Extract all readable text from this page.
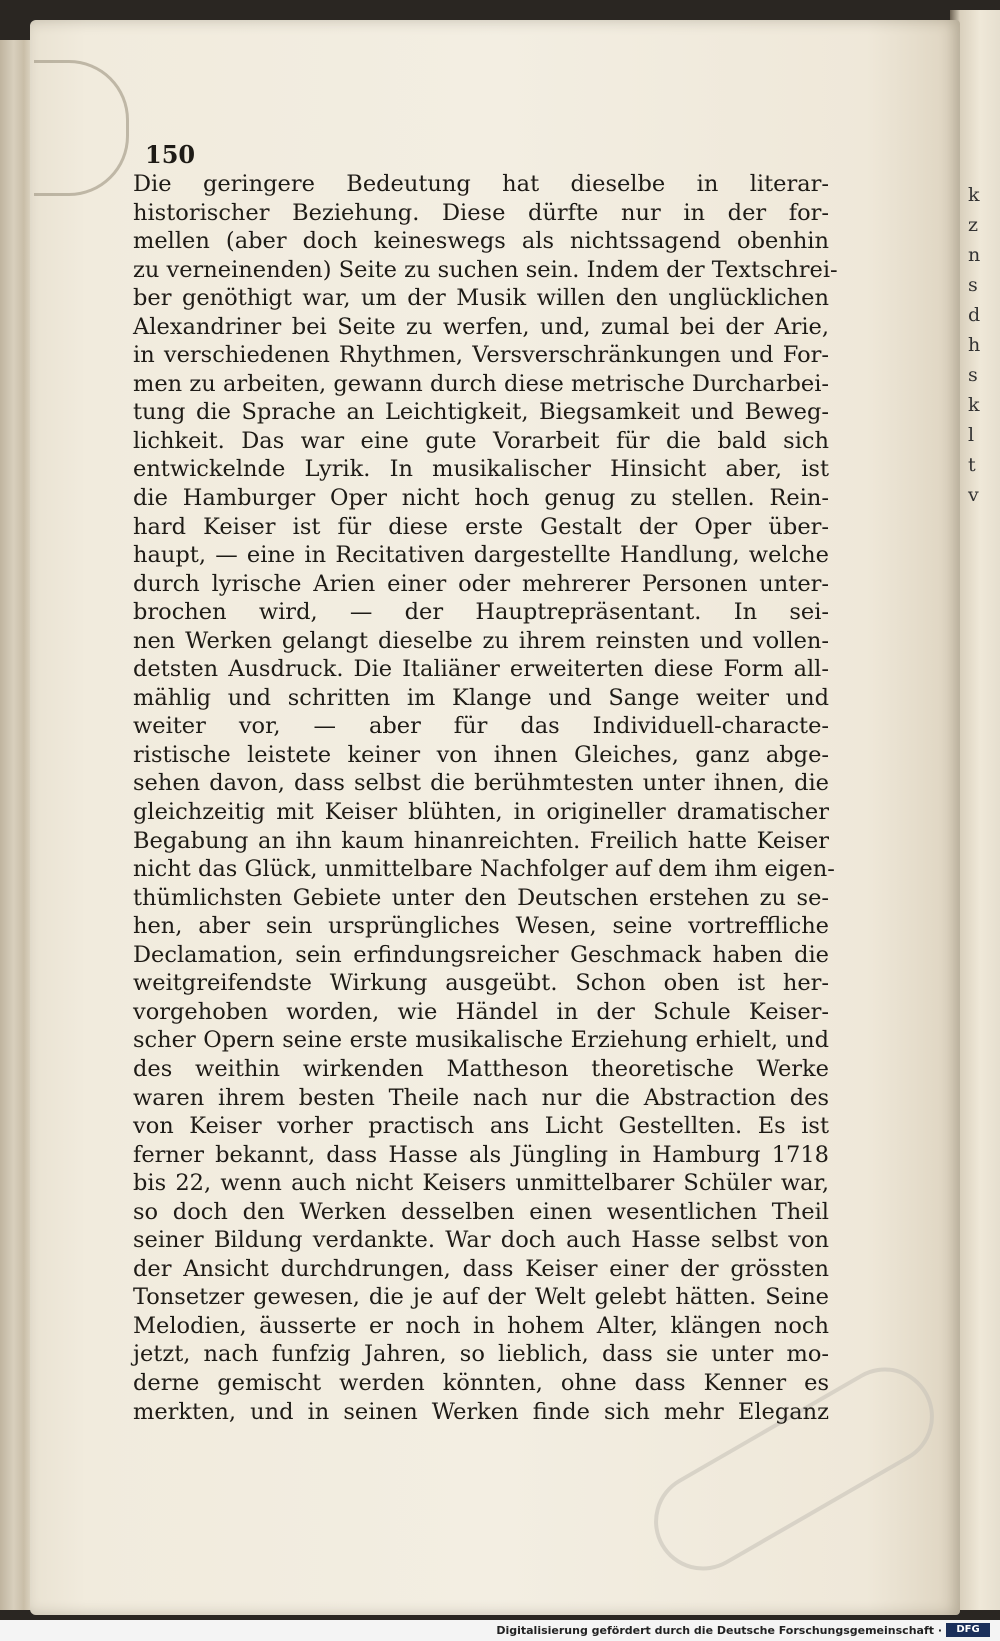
k
z
n
s
d
h
s
k
l
t
v
150
Die geringere Bedeutung hat dieselbe in literar-
historischer Beziehung. Diese dürfte nur in der for-
mellen (aber doch keineswegs als nichtssagend obenhin
zu verneinenden) Seite zu suchen sein. Indem der Textschrei-
ber genöthigt war, um der Musik willen den unglücklichen
Alexandriner bei Seite zu werfen, und, zumal bei der Arie,
in verschiedenen Rhythmen, Versverschränkungen und For-
men zu arbeiten, gewann durch diese metrische Durcharbei-
tung die Sprache an Leichtigkeit, Biegsamkeit und Beweg-
lichkeit. Das war eine gute Vorarbeit für die bald sich
entwickelnde Lyrik. In musikalischer Hinsicht aber, ist
die Hamburger Oper nicht hoch genug zu stellen. Rein-
hard Keiser ist für diese erste Gestalt der Oper über-
haupt, — eine in Recitativen dargestellte Handlung, welche
durch lyrische Arien einer oder mehrerer Personen unter-
brochen wird, — der Hauptrepräsentant. In sei-
nen Werken gelangt dieselbe zu ihrem reinsten und vollen-
detsten Ausdruck. Die Italiäner erweiterten diese Form all-
mählig und schritten im Klange und Sange weiter und
weiter vor, — aber für das Individuell-characte-
ristische leistete keiner von ihnen Gleiches, ganz abge-
sehen davon, dass selbst die berühmtesten unter ihnen, die
gleichzeitig mit Keiser blühten, in origineller dramatischer
Begabung an ihn kaum hinanreichten. Freilich hatte Keiser
nicht das Glück, unmittelbare Nachfolger auf dem ihm eigen-
thümlichsten Gebiete unter den Deutschen erstehen zu se-
hen, aber sein ursprüngliches Wesen, seine vortreffliche
Declamation, sein erfindungsreicher Geschmack haben die
weitgreifendste Wirkung ausgeübt. Schon oben ist her-
vorgehoben worden, wie Händel in der Schule Keiser-
scher Opern seine erste musikalische Erziehung erhielt, und
des weithin wirkenden Mattheson theoretische Werke
waren ihrem besten Theile nach nur die Abstraction des
von Keiser vorher practisch ans Licht Gestellten. Es ist
ferner bekannt, dass Hasse als Jüngling in Hamburg 1718
bis 22, wenn auch nicht Keisers unmittelbarer Schüler war,
so doch den Werken desselben einen wesentlichen Theil
seiner Bildung verdankte. War doch auch Hasse selbst von
der Ansicht durchdrungen, dass Keiser einer der grössten
Tonsetzer gewesen, die je auf der Welt gelebt hätten. Seine
Melodien, äusserte er noch in hohem Alter, klängen noch
jetzt, nach funfzig Jahren, so lieblich, dass sie unter mo-
derne gemischt werden könnten, ohne dass Kenner es
merkten, und in seinen Werken finde sich mehr Eleganz
Digitalisierung gefördert durch die Deutsche Forschungsgemeinschaft ·	DFG
